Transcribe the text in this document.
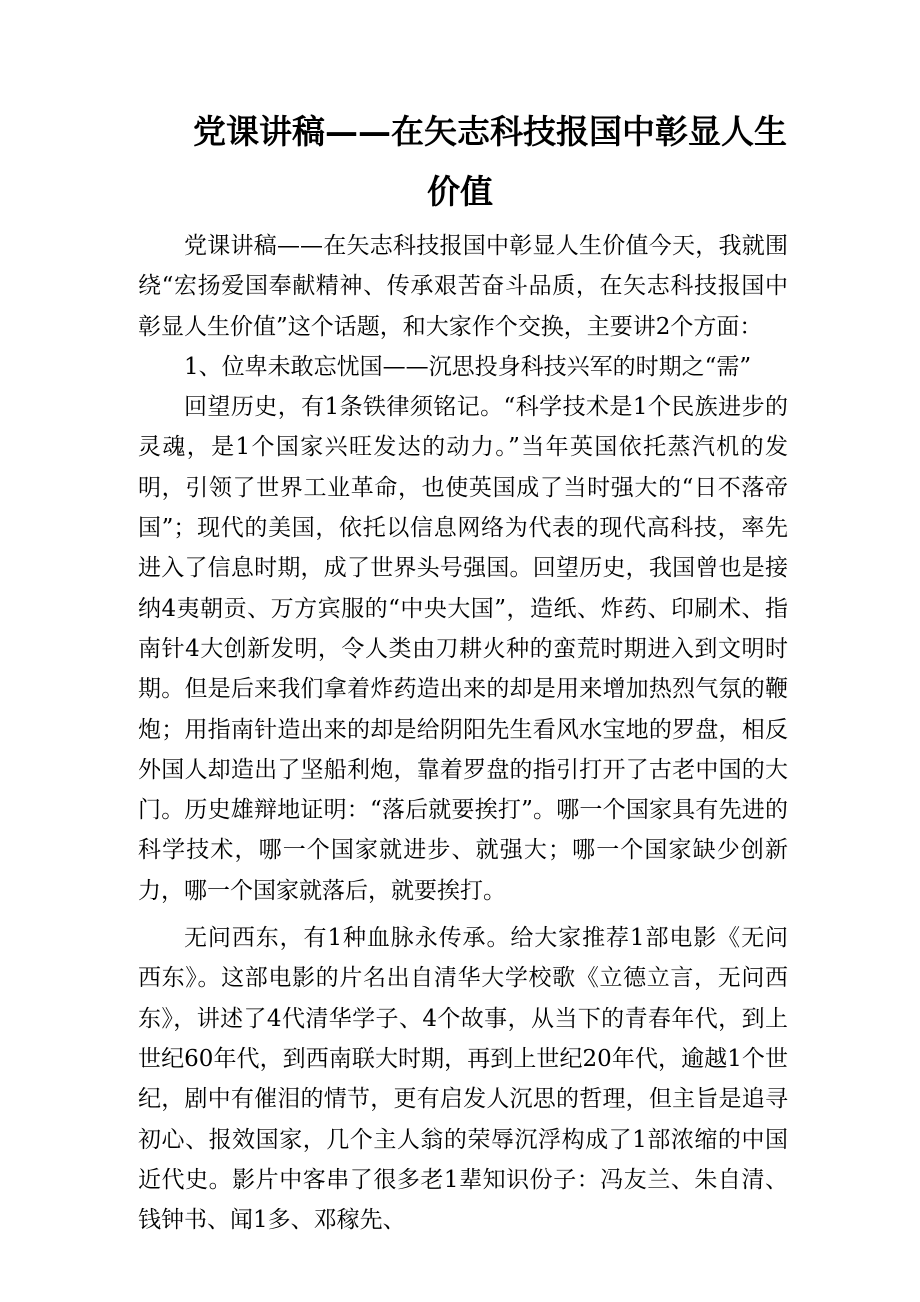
党课讲稿——在矢志科技报国中彰显人生
价值

党课讲稿——在矢志科技报国中彰显人生价值今天，我就围绕“宏扬爱国奉献精神、传承艰苦奋斗品质，在矢志科技报国中彰显人生价值”这个话题，和大家作个交换，主要讲2个方面：

1、位卑未敢忘忧国——沉思投身科技兴军的时期之“需”

回望历史，有1条铁律须铭记。“科学技术是1个民族进步的灵魂，是1个国家兴旺发达的动力。”当年英国依托蒸汽机的发明，引领了世界工业革命，也使英国成了当时强大的“日不落帝国”；现代的美国，依托以信息网络为代表的现代高科技，率先进入了信息时期，成了世界头号强国。回望历史，我国曾也是接纳4夷朝贡、万方宾服的“中央大国”，造纸、炸药、印刷术、指南针4大创新发明，令人类由刀耕火种的蛮荒时期进入到文明时期。但是后来我们拿着炸药造出来的却是用来增加热烈气氛的鞭炮；用指南针造出来的却是给阴阳先生看风水宝地的罗盘，相反外国人却造出了坚船利炮，靠着罗盘的指引打开了古老中国的大门。历史雄辩地证明：“落后就要挨打”。哪一个国家具有先进的科学技术，哪一个国家就进步、就强大；哪一个国家缺少创新力，哪一个国家就落后，就要挨打。

无问西东，有1种血脉永传承。给大家推荐1部电影《无问西东》。这部电影的片名出自清华大学校歌《立德立言，无问西东》，讲述了4代清华学子、4个故事，从当下的青春年代，到上世纪60年代，到西南联大时期，再到上世纪20年代，逾越1个世纪，剧中有催泪的情节，更有启发人沉思的哲理，但主旨是追寻初心、报效国家，几个主人翁的荣辱沉浮构成了1部浓缩的中国近代史。影片中客串了很多老1辈知识份子：冯友兰、朱自清、钱钟书、闻1多、邓稼先、
